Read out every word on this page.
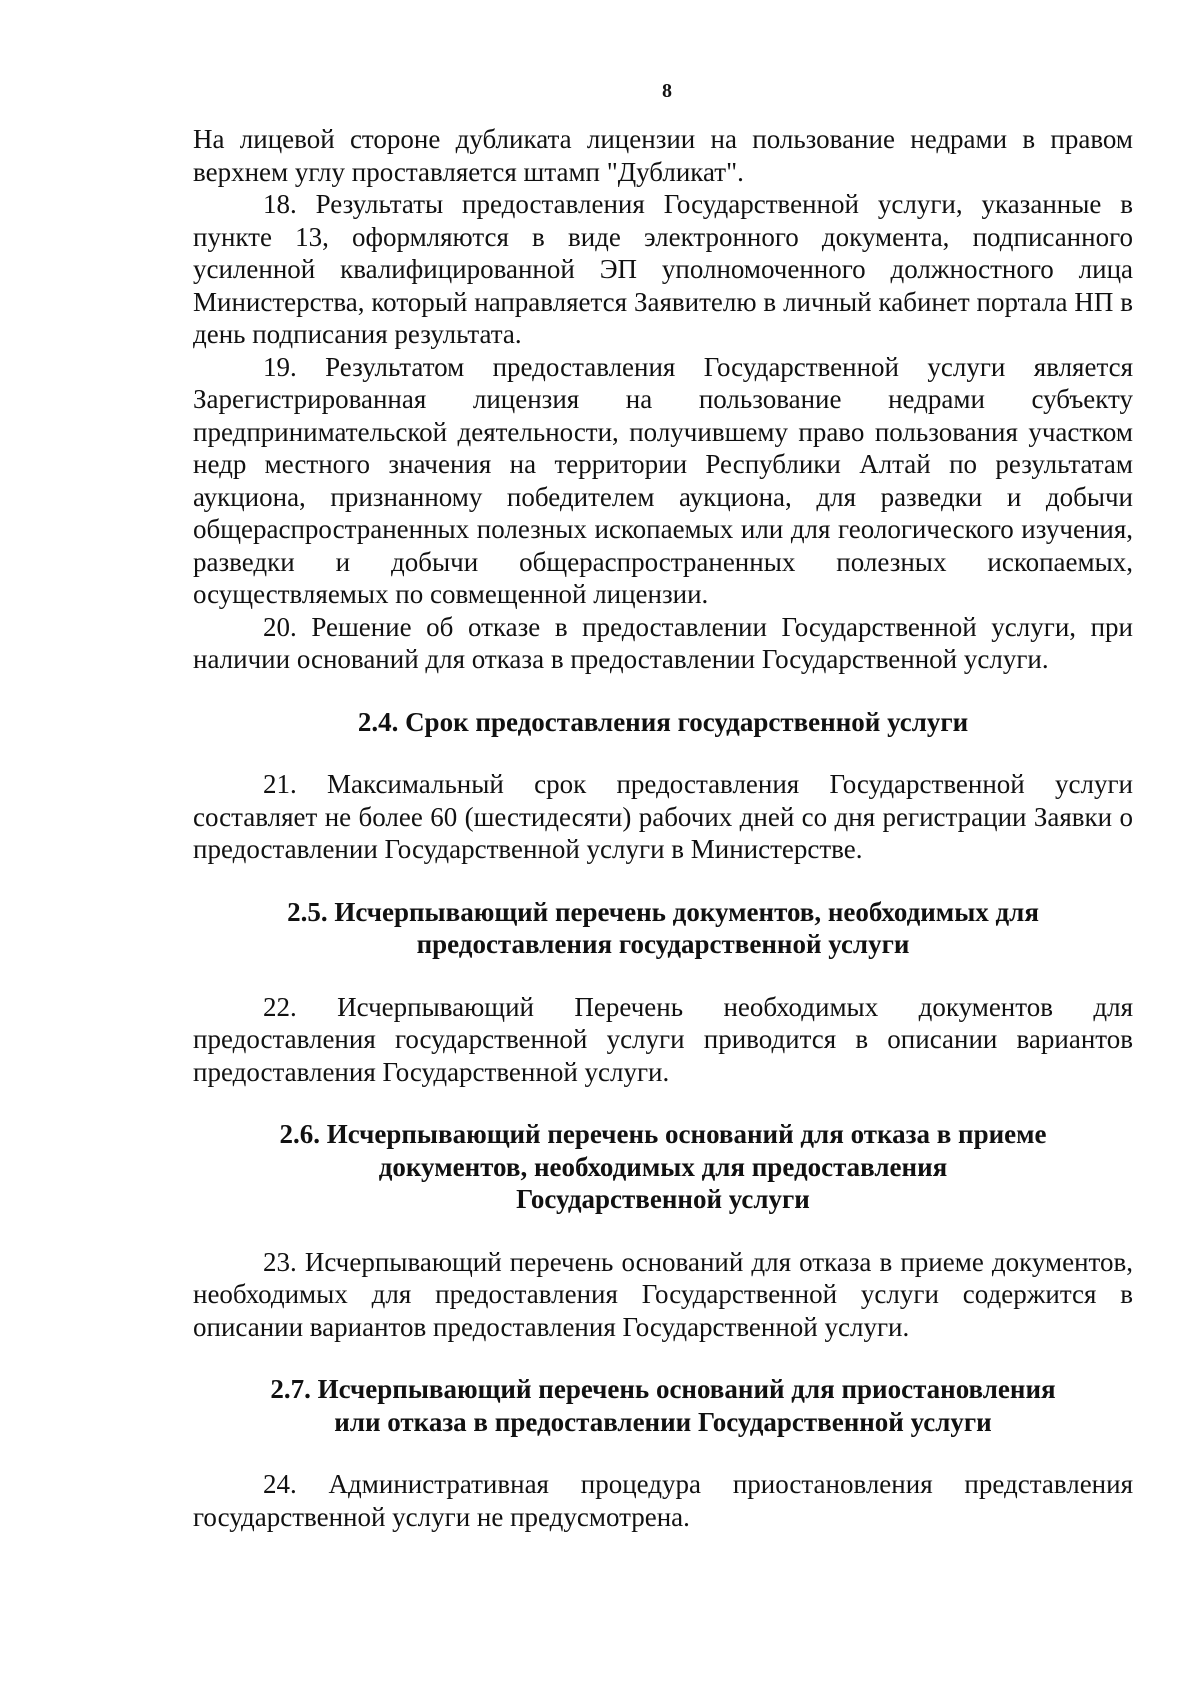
8

На лицевой стороне дубликата лицензии на пользование недрами в правом верхнем углу проставляется штамп "Дубликат".

18. Результаты предоставления Государственной услуги, указанные в пункте 13, оформляются в виде электронного документа, подписанного усиленной квалифицированной ЭП уполномоченного должностного лица Министерства, который направляется Заявителю в личный кабинет портала НП в день подписания результата.

19. Результатом предоставления Государственной услуги является Зарегистрированная лицензия на пользование недрами субъекту предпринимательской деятельности, получившему право пользования участком недр местного значения на территории Республики Алтай по результатам аукциона, признанному победителем аукциона, для разведки и добычи общераспространенных полезных ископаемых или для геологического изучения, разведки и добычи общераспространенных полезных ископаемых, осуществляемых по совмещенной лицензии.

20. Решение об отказе в предоставлении Государственной услуги, при наличии оснований для отказа в предоставлении Государственной услуги.

2.4. Срок предоставления государственной услуги

21. Максимальный срок предоставления Государственной услуги составляет не более 60 (шестидесяти) рабочих дней со дня регистрации Заявки о предоставлении Государственной услуги в Министерстве.

2.5. Исчерпывающий перечень документов, необходимых для
предоставления государственной услуги

22. Исчерпывающий Перечень необходимых документов для предоставления государственной услуги приводится в описании вариантов предоставления Государственной услуги.

2.6. Исчерпывающий перечень оснований для отказа в приеме
документов, необходимых для предоставления
Государственной услуги

23. Исчерпывающий перечень оснований для отказа в приеме документов, необходимых для предоставления Государственной услуги содержится в описании вариантов предоставления Государственной услуги.

2.7. Исчерпывающий перечень оснований для приостановления
или отказа в предоставлении Государственной услуги

24. Административная процедура приостановления представления государственной услуги не предусмотрена.
